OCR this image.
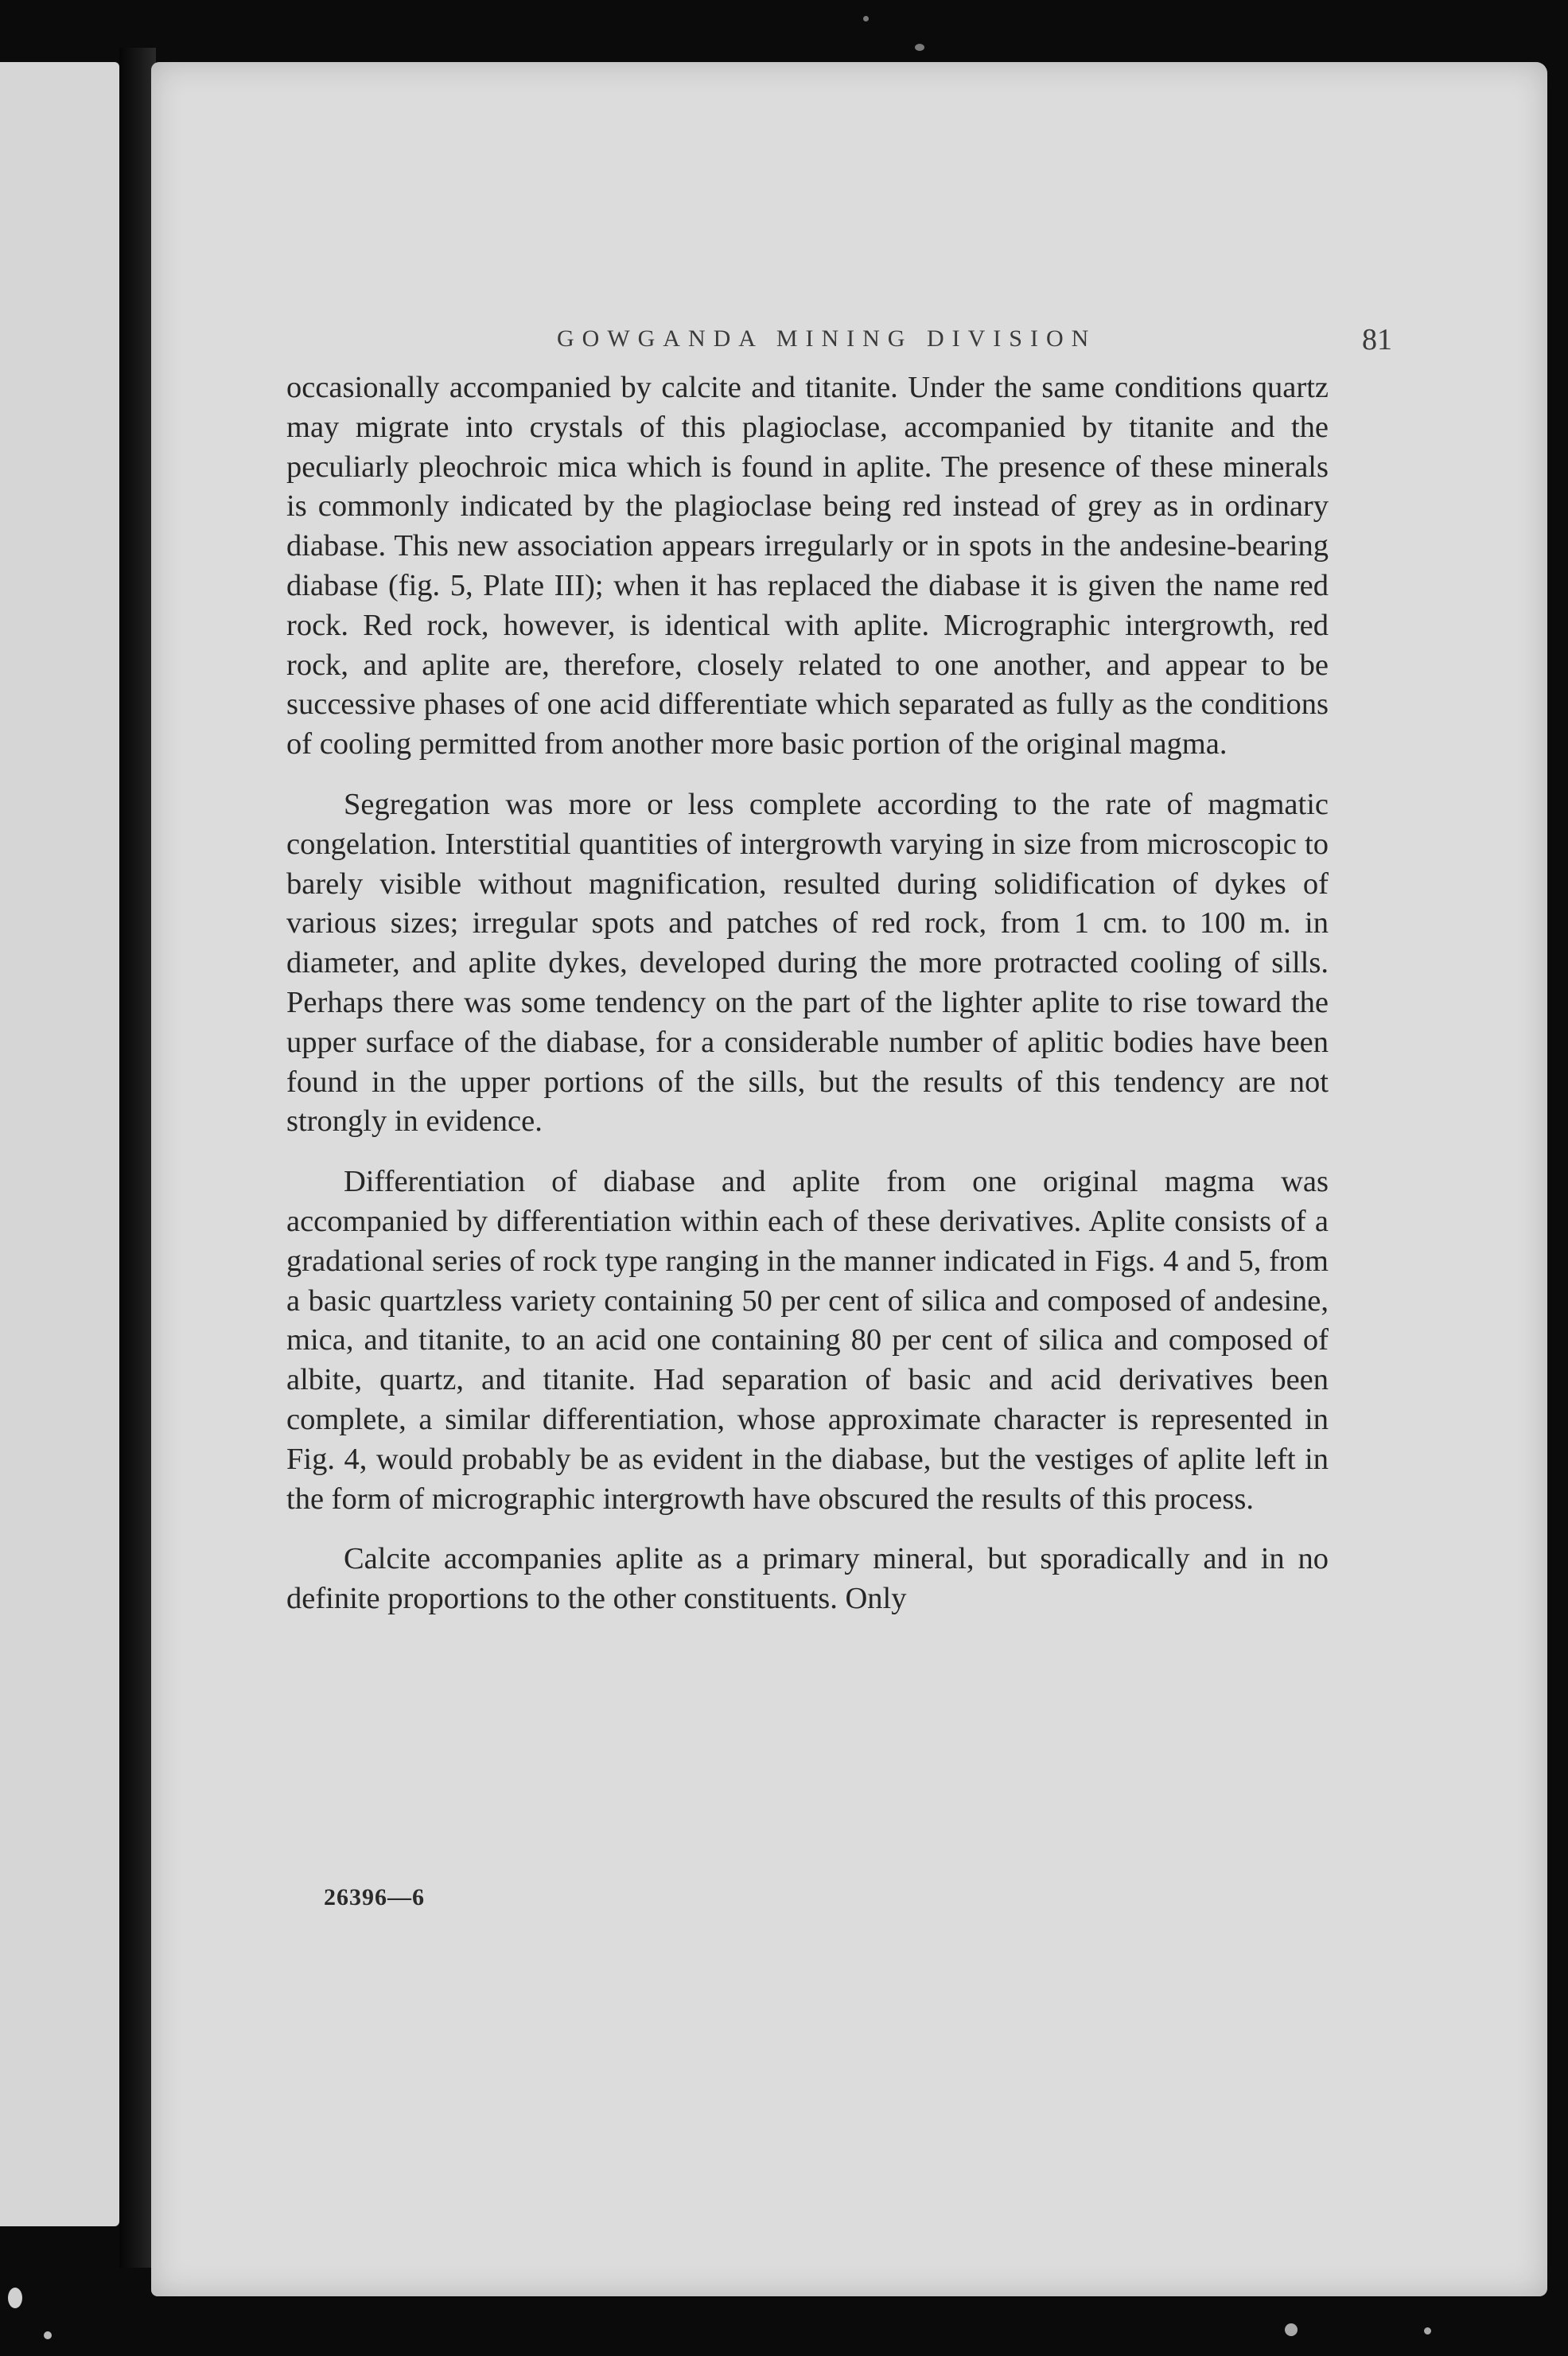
GOWGANDA MINING DIVISION	81

occasionally accompanied by calcite and titanite. Under the same conditions quartz may migrate into crystals of this plagioclase, accompanied by titanite and the peculiarly pleochroic mica which is found in aplite. The presence of these minerals is commonly indicated by the plagioclase being red instead of grey as in ordinary diabase. This new association appears irregularly or in spots in the andesine-bearing diabase (fig. 5, Plate III); when it has replaced the diabase it is given the name red rock. Red rock, however, is identical with aplite. Micrographic intergrowth, red rock, and aplite are, therefore, closely related to one another, and appear to be successive phases of one acid differentiate which separated as fully as the conditions of cooling permitted from another more basic portion of the original magma.

Segregation was more or less complete according to the rate of magmatic congelation. Interstitial quantities of intergrowth varying in size from microscopic to barely visible without magnification, resulted during solidification of dykes of various sizes; irregular spots and patches of red rock, from 1 cm. to 100 m. in diameter, and aplite dykes, developed during the more protracted cooling of sills. Perhaps there was some tendency on the part of the lighter aplite to rise toward the upper surface of the diabase, for a considerable number of aplitic bodies have been found in the upper portions of the sills, but the results of this tendency are not strongly in evidence.

Differentiation of diabase and aplite from one original magma was accompanied by differentiation within each of these derivatives. Aplite consists of a gradational series of rock type ranging in the manner indicated in Figs. 4 and 5, from a basic quartzless variety containing 50 per cent of silica and composed of andesine, mica, and titanite, to an acid one containing 80 per cent of silica and composed of albite, quartz, and titanite. Had separation of basic and acid derivatives been complete, a similar differentiation, whose approximate character is represented in Fig. 4, would probably be as evident in the diabase, but the vestiges of aplite left in the form of micrographic intergrowth have obscured the results of this process.

Calcite accompanies aplite as a primary mineral, but sporadically and in no definite proportions to the other constituents. Only

26396—6
